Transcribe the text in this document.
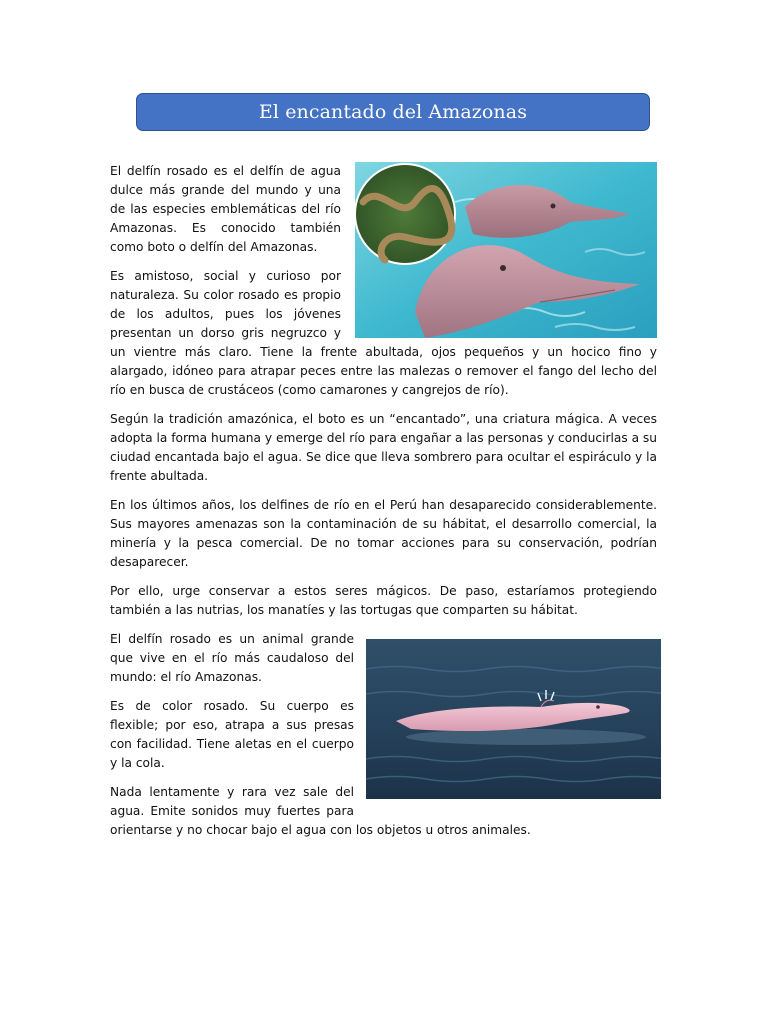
El encantado del Amazonas

El delfín rosado es el delfín de agua dulce más grande del mundo y una de las especies emblemáticas del río Amazonas. Es conocido también como boto o delfín del Amazonas.

Es amistoso, social y curioso por naturaleza. Su color rosado es propio de los adultos, pues los jóvenes presentan un dorso gris negruzco y un vientre más claro. Tiene la frente abultada, ojos pequeños y un hocico fino y alargado, idóneo para atrapar peces entre las malezas o remover el fango del lecho del río en busca de crustáceos (como camarones y cangrejos de río).

Según la tradición amazónica, el boto es un “encantado”, una criatura mágica. A veces adopta la forma humana y emerge del río para engañar a las personas y conducirlas a su ciudad encantada bajo el agua. Se dice que lleva sombrero para ocultar el espiráculo y la frente abultada.

En los últimos años, los delfines de río en el Perú han desaparecido considerablemente. Sus mayores amenazas son la contaminación de su hábitat, el desarrollo comercial, la minería y la pesca comercial. De no tomar acciones para su conservación, podrían desaparecer.

Por ello, urge conservar a estos seres mágicos. De paso, estaríamos protegiendo también a las nutrias, los manatíes y las tortugas que comparten su hábitat.

El delfín rosado es un animal grande que vive en el río más caudaloso del mundo: el río Amazonas.

Es de color rosado. Su cuerpo es flexible; por eso, atrapa a sus presas con facilidad. Tiene aletas en el cuerpo y la cola.

Nada lentamente y rara vez sale del agua. Emite sonidos muy fuertes para orientarse y no chocar bajo el agua con los objetos u otros animales.
